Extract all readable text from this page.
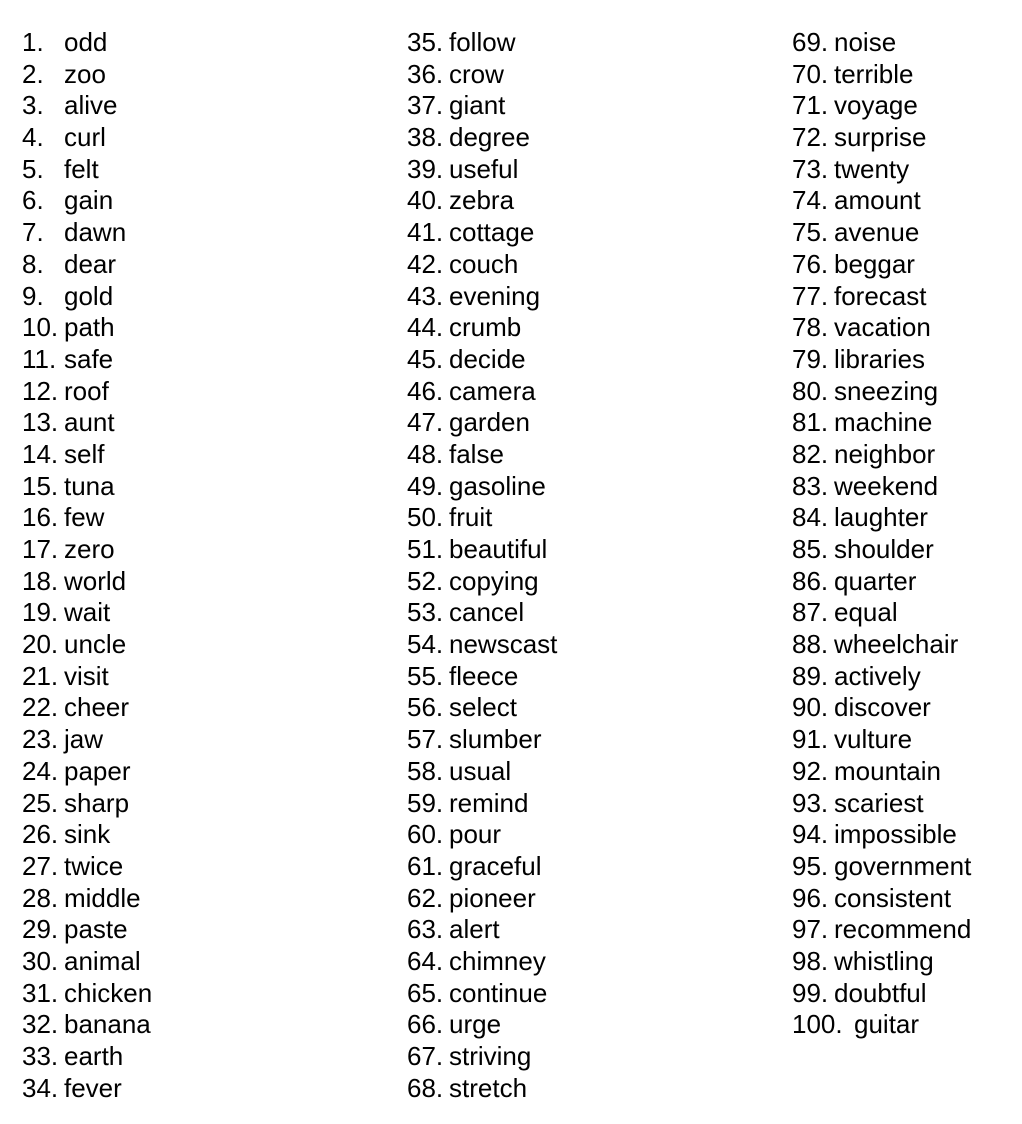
1. odd
2. zoo
3. alive
4. curl
5. felt
6. gain
7. dawn
8. dear
9. gold
10. path
11. safe
12. roof
13. aunt
14. self
15. tuna
16. few
17. zero
18. world
19. wait
20. uncle
21. visit
22. cheer
23. jaw
24. paper
25. sharp
26. sink
27. twice
28. middle
29. paste
30. animal
31. chicken
32. banana
33. earth
34. fever
35. follow
36. crow
37. giant
38. degree
39. useful
40. zebra
41. cottage
42. couch
43. evening
44. crumb
45. decide
46. camera
47. garden
48. false
49. gasoline
50. fruit
51. beautiful
52. copying
53. cancel
54. newscast
55. fleece
56. select
57. slumber
58. usual
59. remind
60. pour
61. graceful
62. pioneer
63. alert
64. chimney
65. continue
66. urge
67. striving
68. stretch
69. noise
70. terrible
71. voyage
72. surprise
73. twenty
74. amount
75. avenue
76. beggar
77. forecast
78. vacation
79. libraries
80. sneezing
81. machine
82. neighbor
83. weekend
84. laughter
85. shoulder
86. quarter
87. equal
88. wheelchair
89. actively
90. discover
91. vulture
92. mountain
93. scariest
94. impossible
95. government
96. consistent
97. recommend
98. whistling
99. doubtful
100. guitar
